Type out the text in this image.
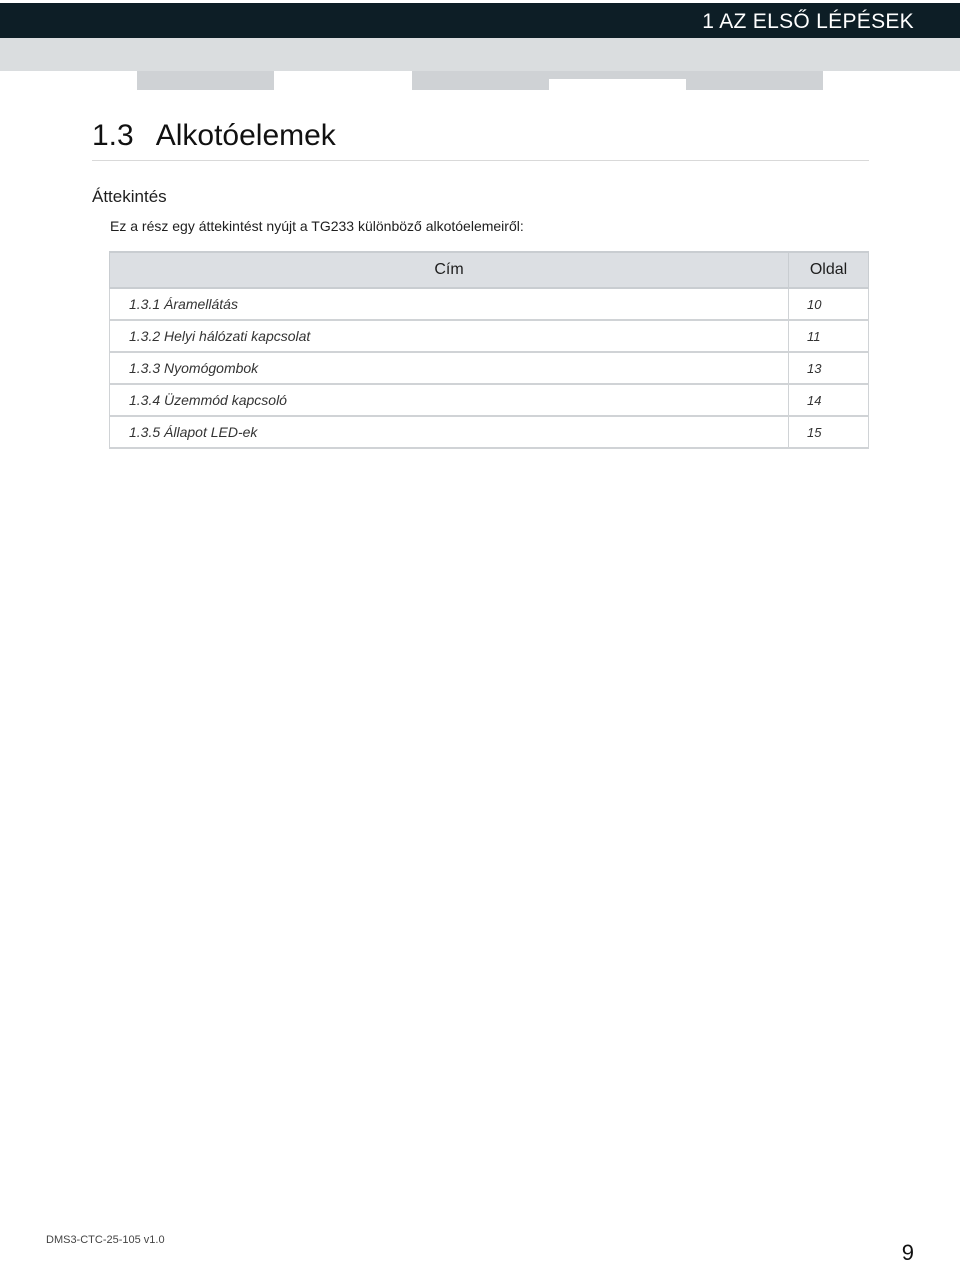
1 AZ ELSŐ LÉPÉSEK
1.3 Alkotóelemek
Áttekintés
Ez a rész egy áttekintést nyújt a TG233 különböző alkotóelemeiről:
Cím	Oldal
1.3.1 Áramellátás	10
1.3.2 Helyi hálózati kapcsolat	11
1.3.3 Nyomógombok	13
1.3.4 Üzemmód kapcsoló	14
1.3.5 Állapot LED-ek	15
DMS3-CTC-25-105 v1.0	9
